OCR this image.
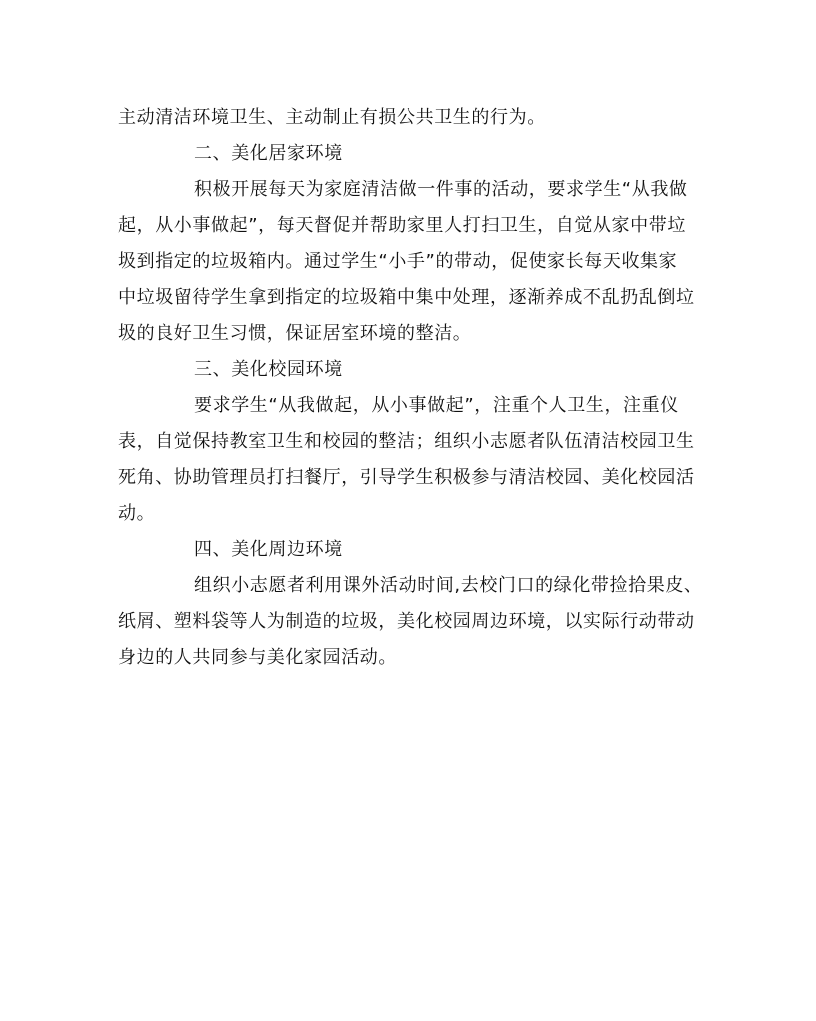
主动清洁环境卫生、主动制止有损公共卫生的行为。
二、美化居家环境
积极开展每天为家庭清洁做一件事的活动，要求学生“从我做
起，从小事做起”，每天督促并帮助家里人打扫卫生，自觉从家中带垃
圾到指定的垃圾箱内。通过学生“小手”的带动，促使家长每天收集家
中垃圾留待学生拿到指定的垃圾箱中集中处理，逐渐养成不乱扔乱倒垃
圾的良好卫生习惯，保证居室环境的整洁。
三、美化校园环境
要求学生“从我做起，从小事做起”，注重个人卫生，注重仪
表，自觉保持教室卫生和校园的整洁；组织小志愿者队伍清洁校园卫生
死角、协助管理员打扫餐厅，引导学生积极参与清洁校园、美化校园活
动。
四、美化周边环境
组织小志愿者利用课外活动时间,去校门口的绿化带捡拾果皮、
纸屑、塑料袋等人为制造的垃圾，美化校园周边环境，以实际行动带动
身边的人共同参与美化家园活动。
